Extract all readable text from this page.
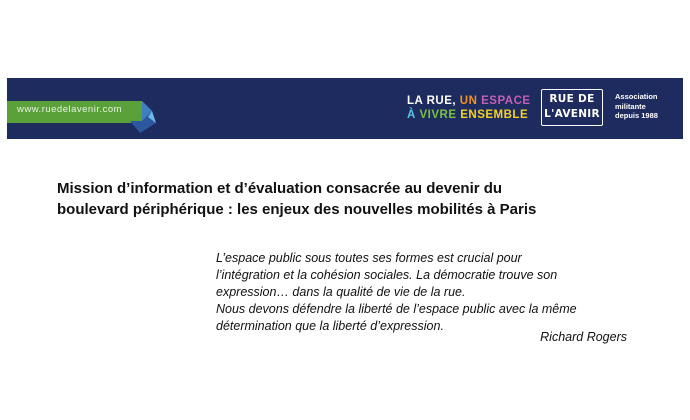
www.ruedelavenir.com
LA RUE, UN ESPACE
À VIVRE ENSEMBLE
RUE DE
L'AVENIR
Association
militante
depuis 1988
Mission d’information et d’évaluation consacrée au devenir du
boulevard périphérique : les enjeux des nouvelles mobilités à Paris

L’espace public sous toutes ses formes est crucial pour
l’intégration et la cohésion sociales. La démocratie trouve son
expression… dans la qualité de vie de la rue.
Nous devons défendre la liberté de l’espace public avec la même
détermination que la liberté d’expression.

Richard Rogers
